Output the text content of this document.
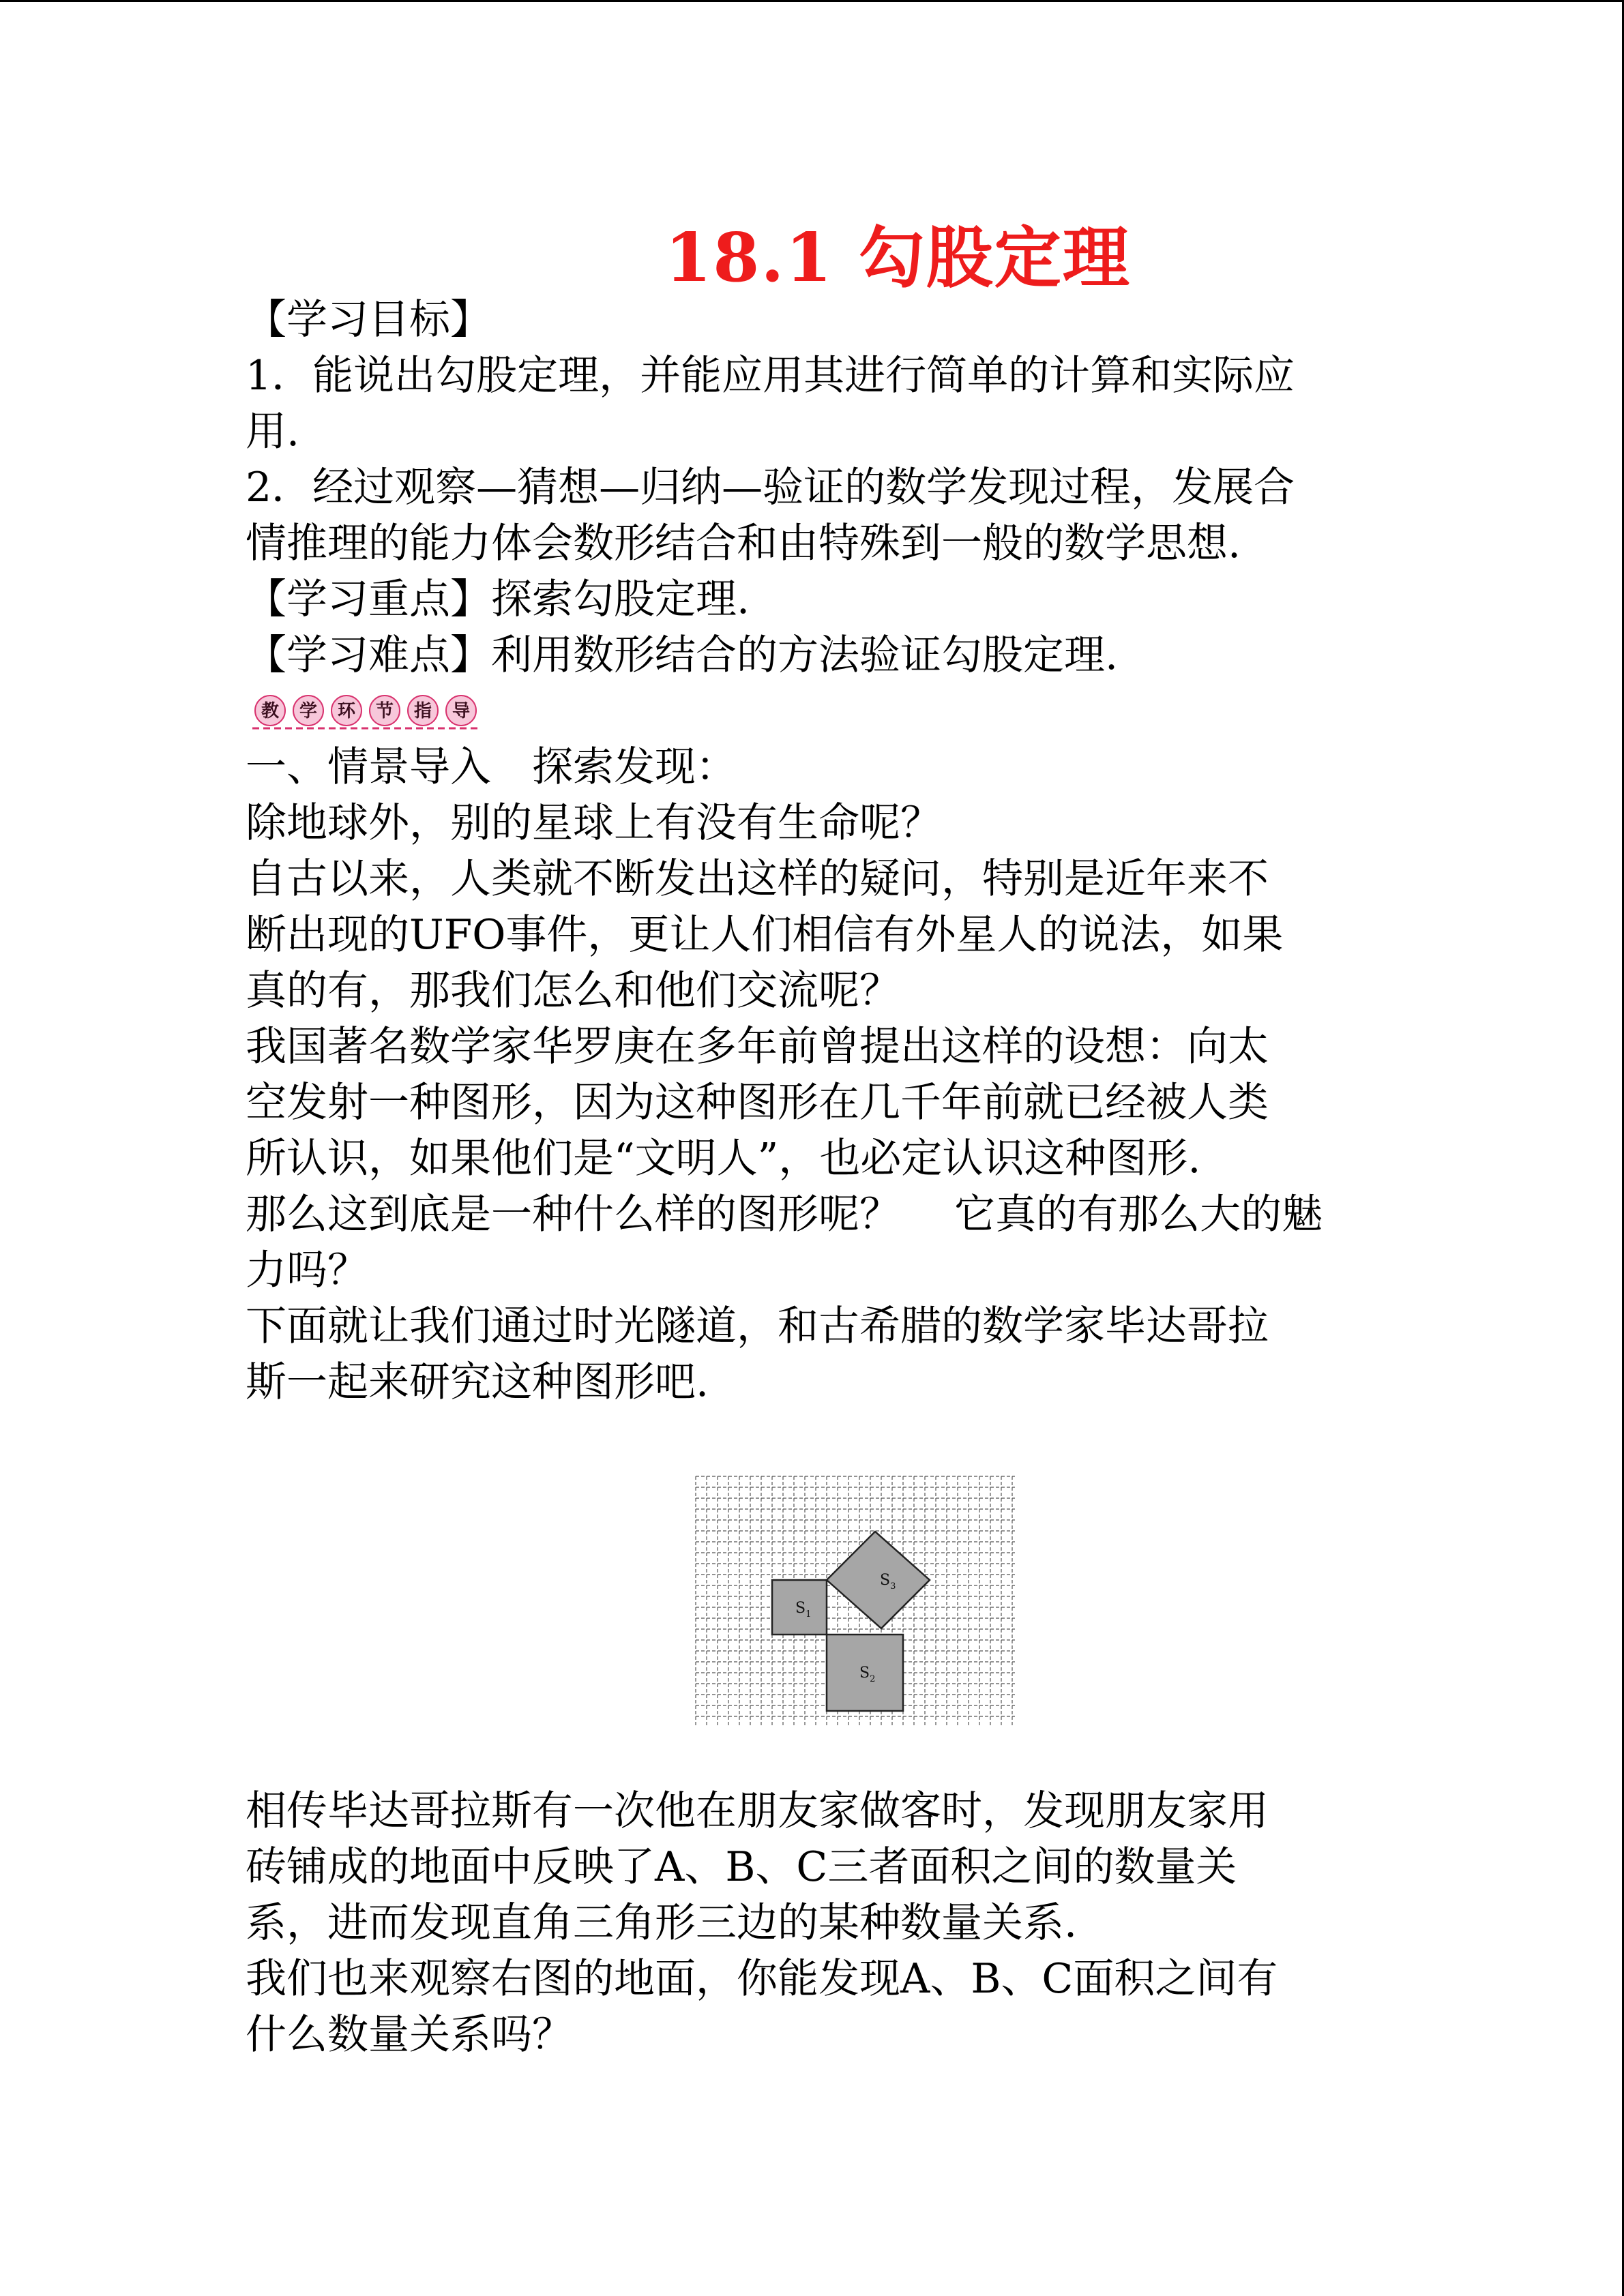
18.1 勾股定理

【学习目标】

1．能说出勾股定理，并能应用其进行简单的计算和实际应

用.

2．经过观察—猜想—归纳—验证的数学发现过程，发展合

情推理的能力体会数形结合和由特殊到一般的数学思想.

【学习重点】探索勾股定理.

【学习难点】利用数形结合的方法验证勾股定理.

一、情景导入　探索发现：

除地球外，别的星球上有没有生命呢？

自古以来，人类就不断发出这样的疑问，特别是近年来不

断出现的UFO事件，更让人们相信有外星人的说法，如果

真的有，那我们怎么和他们交流呢？

我国著名数学家华罗庚在多年前曾提出这样的设想：向太

空发射一种图形，因为这种图形在几千年前就已经被人类

所认识，如果他们是“文明人”，也必定认识这种图形.

那么这到底是一种什么样的图形呢？　 它真的有那么大的魅

力吗？

下面就让我们通过时光隧道，和古希腊的数学家毕达哥拉

斯一起来研究这种图形吧.

教 学 环 节 指 导
$S_1$
$S_2$
$S_3$

相传毕达哥拉斯有一次他在朋友家做客时，发现朋友家用

砖铺成的地面中反映了A、B、C三者面积之间的数量关

系，进而发现直角三角形三边的某种数量关系.

我们也来观察右图的地面，你能发现A、B、C面积之间有

什么数量关系吗？
